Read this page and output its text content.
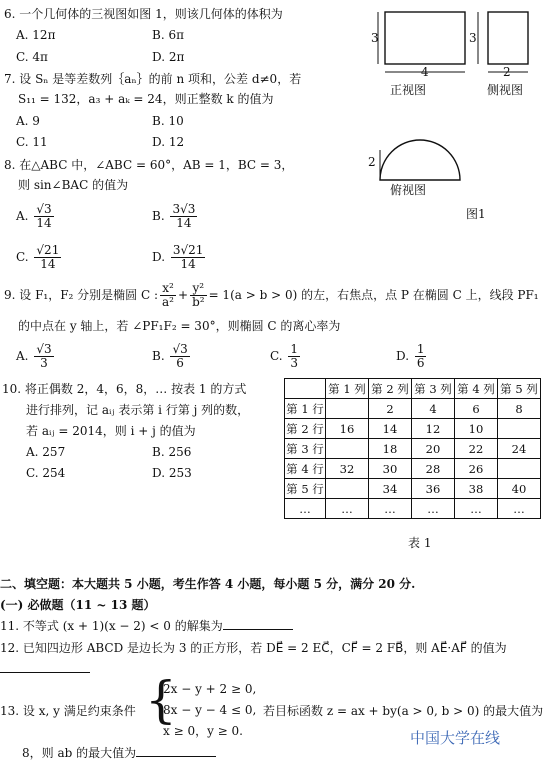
6. 一个几何体的三视图如图 1，则该几何体的体积为
A. 12π	B. 6π
C. 4π	D. 2π
3
4
3
2
正视图	侧视图
2
俯视图
图1
7. 设 Sₙ 是等差数列｛aₙ｝的前 n 项和，公差 d≠0，若
S₁₁ = 132，a₃ + aₖ = 24，则正整数 k 的值为
A. 9	B. 10
C. 11	D. 12
8. 在△ABC 中，∠ABC = 60°，AB = 1，BC = 3，
则 sin∠BAC 的值为
A. $\frac{√3}{14}$	B. $\frac{3√3}{14}$
C. $\frac{√21}{14}$	D. $\frac{3√21}{14}$
9. 设 F₁，F₂ 分别是椭圆 C : $\frac{\text{x²}}{\text{a²}} + \frac{\text{y²}}{\text{b²}} = 1(a > b > 0)$ 的左，右焦点，点 P 在椭圆 C 上，线段 PF₁
的中点在 y 轴上，若 ∠PF₁F₂ = 30°，则椭圆 C 的离心率为
A. $\frac{√3}{3}$	B. $\frac{√3}{6}$	C. $\frac{1}{3}$	D. $\frac{1}{6}$
10. 将正偶数 2，4，6，8，… 按表 1 的方式
进行排列，记 aᵢⱼ 表示第 i 行第 j 列的数，
若 aᵢⱼ = 2014，则 i + j 的值为
A. 257	B. 256
C. 254	D. 253
	第 1 列	第 2 列	第 3 列	第 4 列	第 5 列
第 1 行		2	4	6	8
第 2 行	16	14	12	10	
第 3 行		18	20	22	24
第 4 行	32	30	28	26	
第 5 行		34	36	38	40
…	…	…	…	…	…
表 1
二、填空题：本大题共 5 小题，考生作答 4 小题，每小题 5 分，满分 20 分.
(一) 必做题（11 ~ 13 题）
11. 不等式 (x + 1)(x − 2) < 0 的解集为
12. 已知四边形 ABCD 是边长为 3 的正方形，若 DE⃗ = 2 EC⃗，CF⃗ = 2 FB⃗，则 AE⃗·AF⃗ 的值为
13. 设 x, y 满足约束条件 {
2x − y + 2 ≥ 0,
8x − y − 4 ≤ 0,
x ≥ 0，y ≥ 0.
若目标函数 z = ax + by(a > 0, b > 0) 的最大值为
8，则 ab 的最大值为
中国大学在线
